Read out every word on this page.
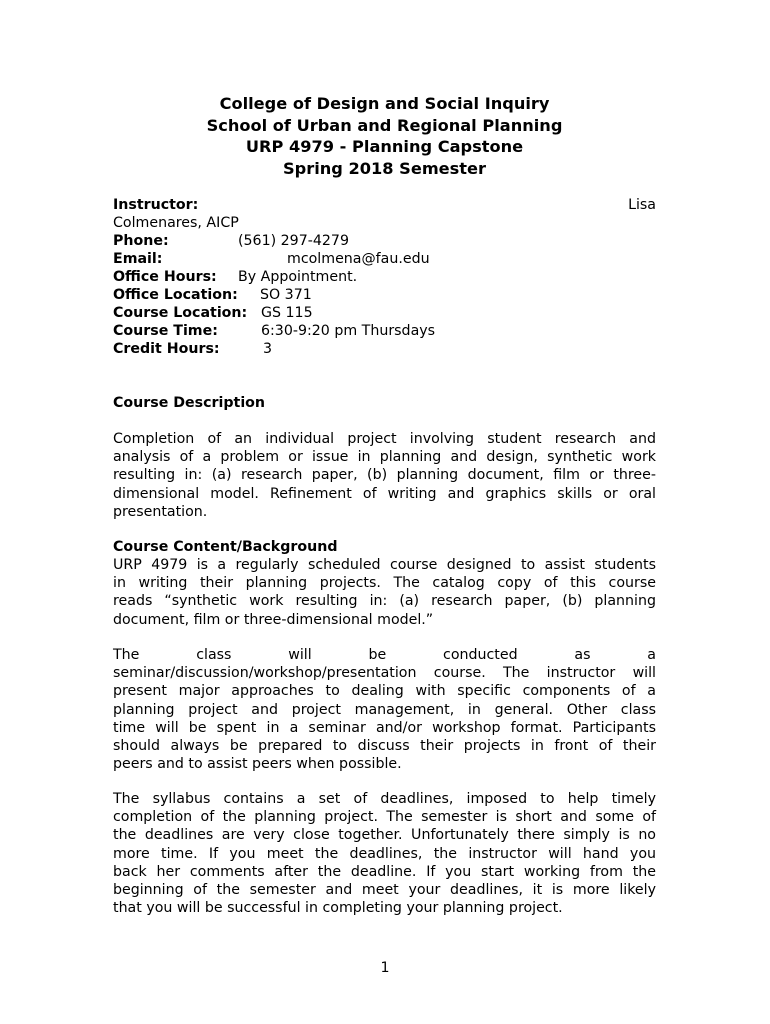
College of Design and Social Inquiry
School of Urban and Regional Planning
URP 4979 - Planning Capstone
Spring 2018 Semester
Instructor:	Lisa
Colmenares, AICP
Phone:	(561) 297-4279
Email:	mcolmena@fau.edu
Office Hours: By Appointment.
Office Location: SO 371
Course Location: GS 115
Course Time:	6:30-9:20 pm Thursdays
Credit Hours:	3
Course Description
Completion of an individual project involving student research and
analysis of a problem or issue in planning and design, synthetic work
resulting in: (a) research paper, (b) planning document, film or three-
dimensional model. Refinement of writing and graphics skills or oral
presentation.
Course Content/Background
URP 4979 is a regularly scheduled course designed to assist students
in writing their planning projects. The catalog copy of this course
reads “synthetic work resulting in: (a) research paper, (b) planning
document, film or three-dimensional model.”
The class will be conducted as a
seminar/discussion/workshop/presentation course. The instructor will
present major approaches to dealing with specific components of a
planning project and project management, in general. Other class
time will be spent in a seminar and/or workshop format. Participants
should always be prepared to discuss their projects in front of their
peers and to assist peers when possible.
The syllabus contains a set of deadlines, imposed to help timely
completion of the planning project. The semester is short and some of
the deadlines are very close together. Unfortunately there simply is no
more time. If you meet the deadlines, the instructor will hand you
back her comments after the deadline. If you start working from the
beginning of the semester and meet your deadlines, it is more likely
that you will be successful in completing your planning project.
1
